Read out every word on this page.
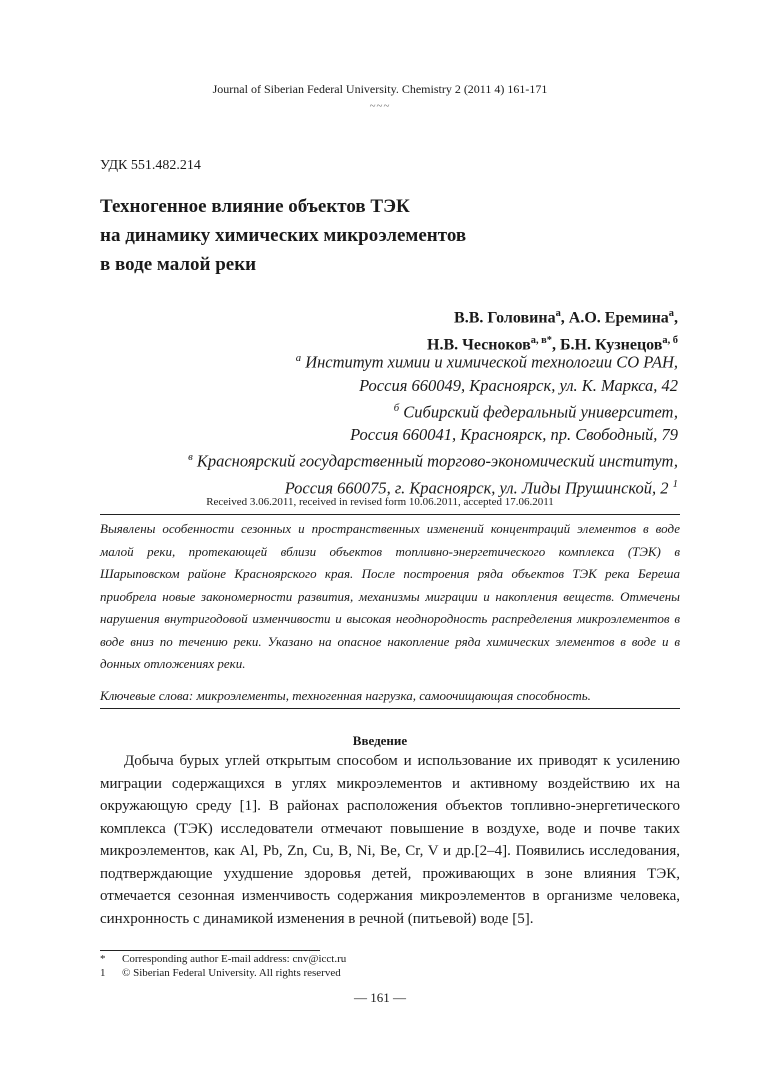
Journal of Siberian Federal University. Chemistry 2 (2011 4) 161-171
~~~
УДК 551.482.214
Техногенное влияние объектов ТЭК
на динамику химических микроэлементов
в воде малой реки
В.В. Головина$^а$, А.О. Еремина$^а$,
Н.В. Чесноков$^{а, в*}$, Б.Н. Кузнецов$^{а, б}$
$^а$ Институт химии и химической технологии СО РАН,
Россия 660049, Красноярск, ул. К. Маркса, 42
$^б$ Сибирский федеральный университет,
Россия 660041, Красноярск, пр. Свободный, 79
$^в$ Красноярский государственный торгово-экономический институт,
Россия 660075, г. Красноярск, ул. Лиды Прушинской, 2 $^1$
Received 3.06.2011, received in revised form 10.06.2011, accepted 17.06.2011
Выявлены особенности сезонных и пространственных изменений концентраций элементов в воде малой реки, протекающей вблизи объектов топливно-энергетического комплекса (ТЭК) в Шарыповском районе Красноярского края. После построения ряда объектов ТЭК река Береша приобрела новые закономерности развития, механизмы миграции и накопления веществ. Отмечены нарушения внутригодовой изменчивости и высокая неоднородность распределения микроэлементов в воде вниз по течению реки. Указано на опасное накопление ряда химических элементов в воде и в донных отложениях реки.
Ключевые слова: микроэлементы, техногенная нагрузка, самоочищающая способность.
Введение
Добыча бурых углей открытым способом и использование их приводят к усилению миграции содержащихся в углях микроэлементов и активному воздействию их на окружающую среду [1]. В районах расположения объектов топливно-энергетического комплекса (ТЭК) исследователи отмечают повышение в воздухе, воде и почве таких микроэлементов, как Al, Pb, Zn, Cu, B, Ni, Be, Cr, V и др.[2–4]. Появились исследования, подтверждающие ухудшение здоровья детей, проживающих в зоне влияния ТЭК, отмечается сезонная изменчивость содержания микроэлементов в организме человека, синхронность с динамикой изменения в речной (питьевой) воде [5].
* Corresponding author E-mail address: cnv@icct.ru
1 © Siberian Federal University. All rights reserved
— 161 —
